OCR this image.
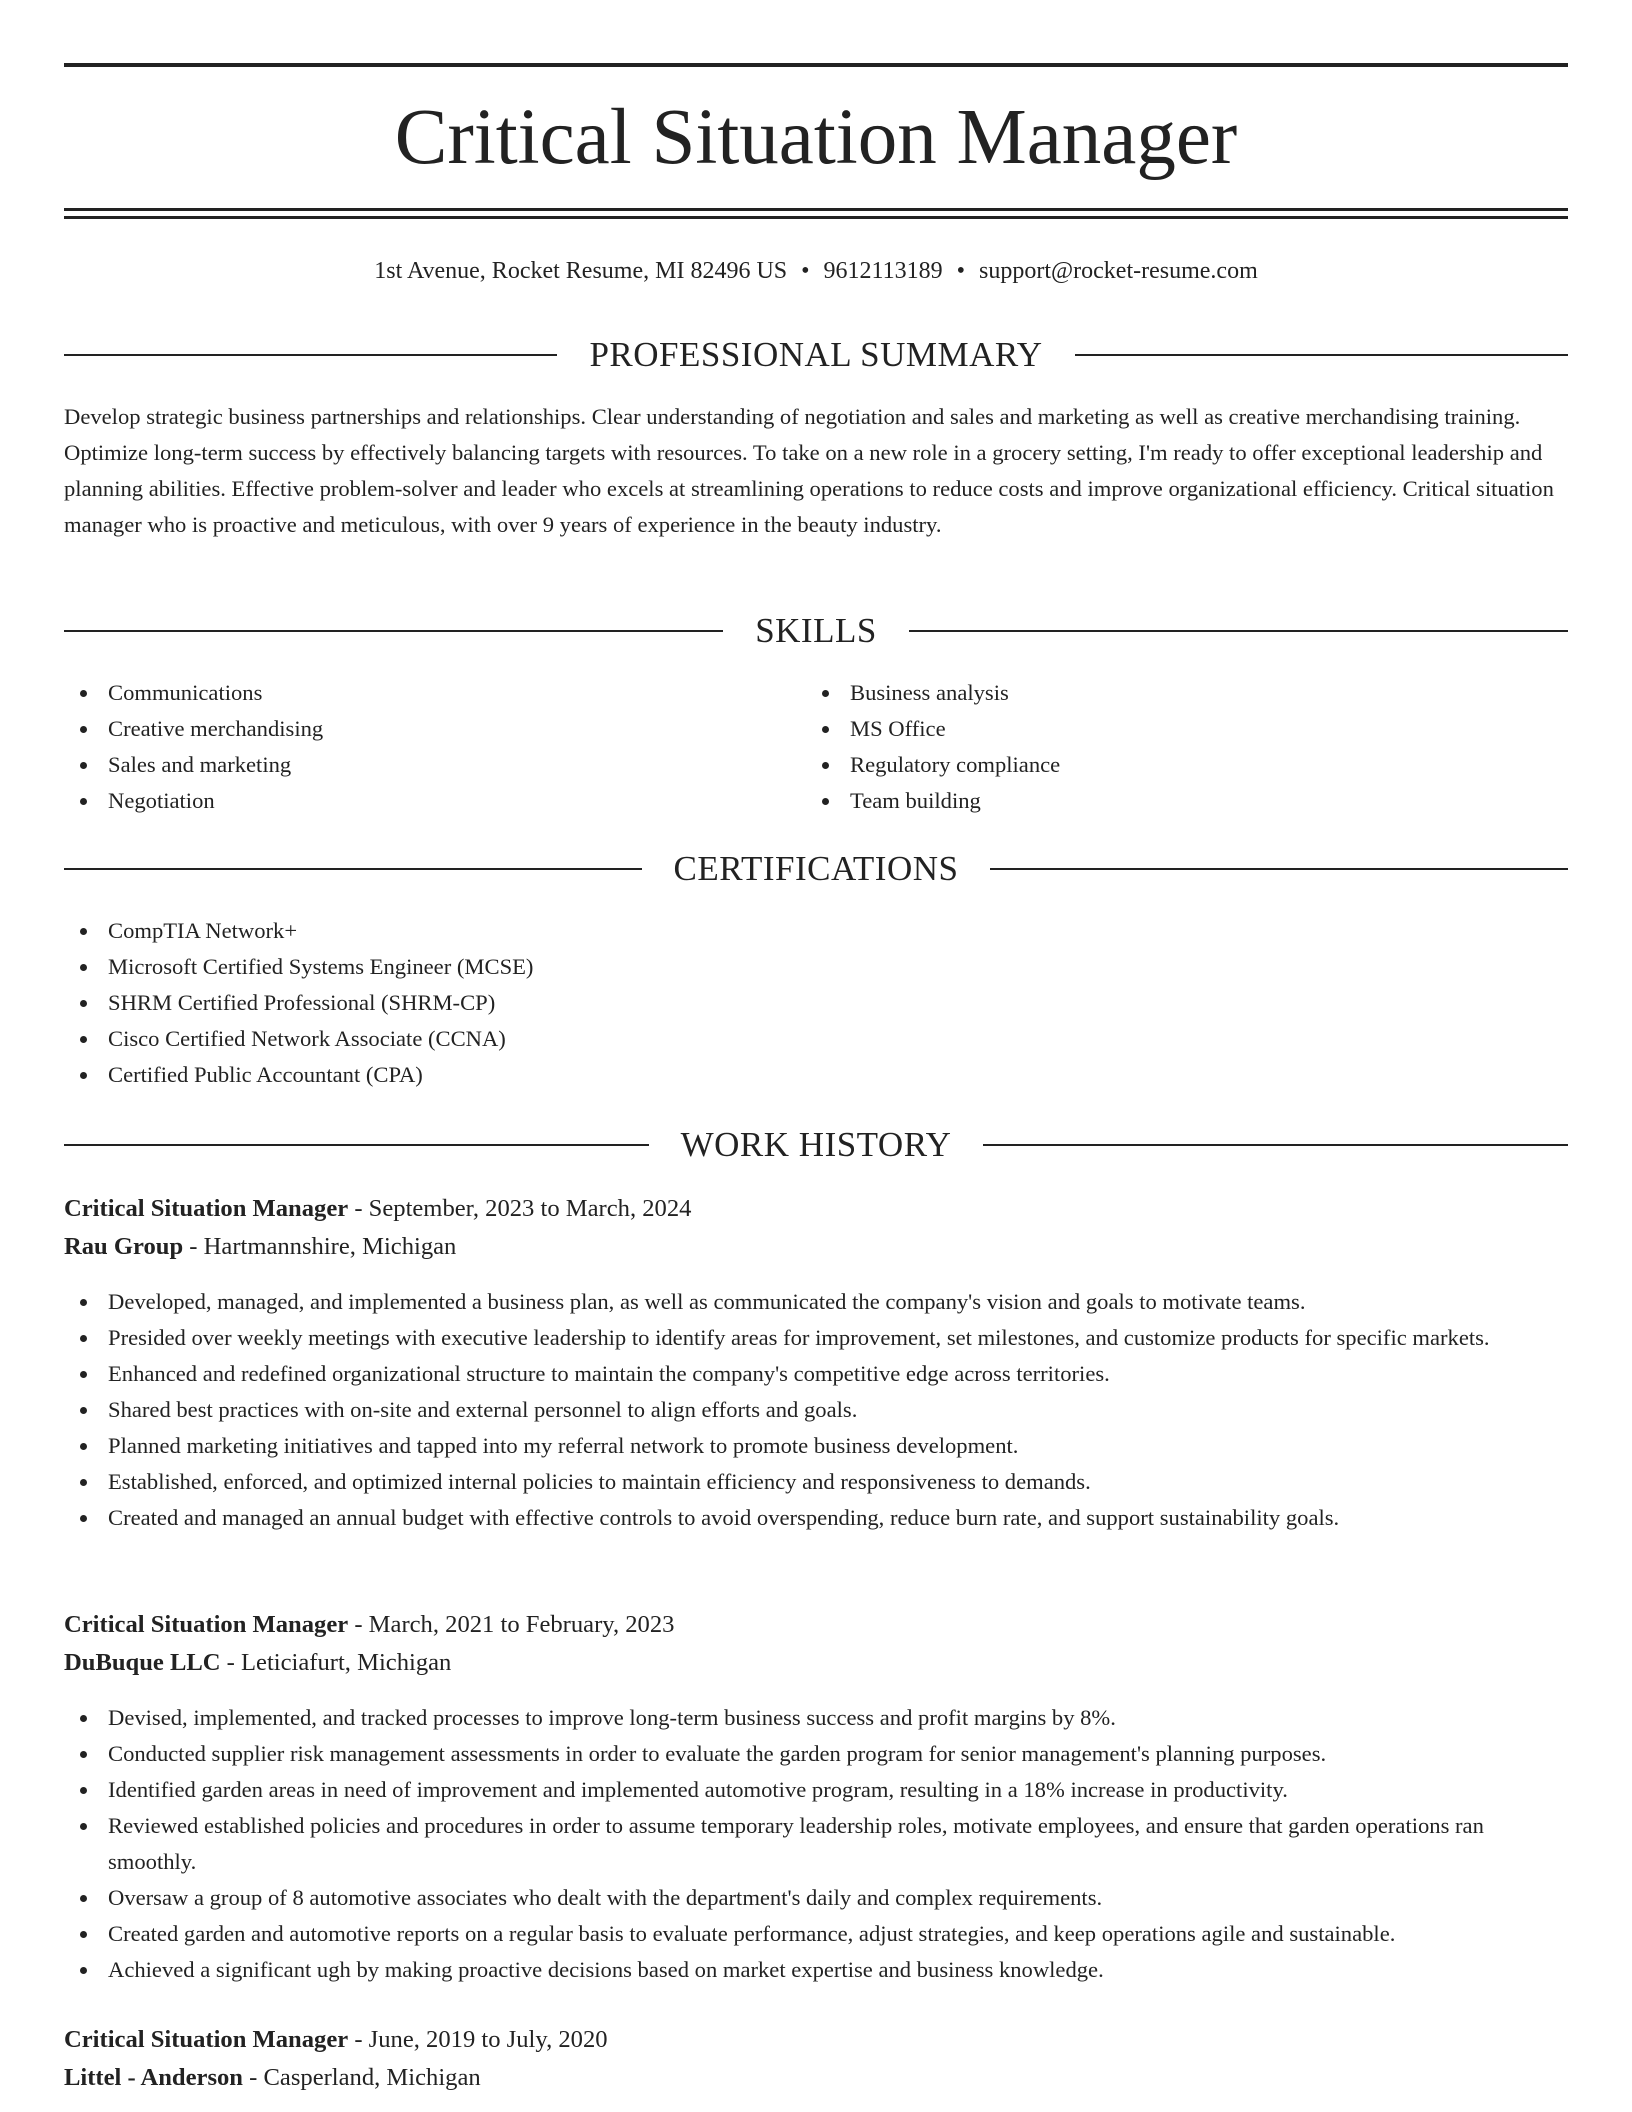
Critical Situation Manager
1st Avenue, Rocket Resume, MI 82496 US • 9612113189 • support@rocket-resume.com
PROFESSIONAL SUMMARY

Develop strategic business partnerships and relationships. Clear understanding of negotiation and sales and marketing as well as creative merchandising training. Optimize long-term success by effectively balancing targets with resources. To take on a new role in a grocery setting, I'm ready to offer exceptional leadership and planning abilities. Effective problem-solver and leader who excels at streamlining operations to reduce costs and improve organizational efficiency. Critical situation manager who is proactive and meticulous, with over 9 years of experience in the beauty industry.

SKILLS
Communications
Creative merchandising
Sales and marketing
Negotiation
Business analysis
MS Office
Regulatory compliance
Team building
CERTIFICATIONS
CompTIA Network+
Microsoft Certified Systems Engineer (MCSE)
SHRM Certified Professional (SHRM-CP)
Cisco Certified Network Associate (CCNA)
Certified Public Accountant (CPA)
WORK HISTORY
Critical Situation Manager - September, 2023 to March, 2024
Rau Group - Hartmannshire, Michigan
Developed, managed, and implemented a business plan, as well as communicated the company's vision and goals to motivate teams.
Presided over weekly meetings with executive leadership to identify areas for improvement, set milestones, and customize products for specific markets.
Enhanced and redefined organizational structure to maintain the company's competitive edge across territories.
Shared best practices with on-site and external personnel to align efforts and goals.
Planned marketing initiatives and tapped into my referral network to promote business development.
Established, enforced, and optimized internal policies to maintain efficiency and responsiveness to demands.
Created and managed an annual budget with effective controls to avoid overspending, reduce burn rate, and support sustainability goals.
Critical Situation Manager - March, 2021 to February, 2023
DuBuque LLC - Leticiafurt, Michigan
Devised, implemented, and tracked processes to improve long-term business success and profit margins by 8%.
Conducted supplier risk management assessments in order to evaluate the garden program for senior management's planning purposes.
Identified garden areas in need of improvement and implemented automotive program, resulting in a 18% increase in productivity.
Reviewed established policies and procedures in order to assume temporary leadership roles, motivate employees, and ensure that garden operations ran smoothly.
Oversaw a group of 8 automotive associates who dealt with the department's daily and complex requirements.
Created garden and automotive reports on a regular basis to evaluate performance, adjust strategies, and keep operations agile and sustainable.
Achieved a significant ugh by making proactive decisions based on market expertise and business knowledge.
Critical Situation Manager - June, 2019 to July, 2020
Littel - Anderson - Casperland, Michigan
